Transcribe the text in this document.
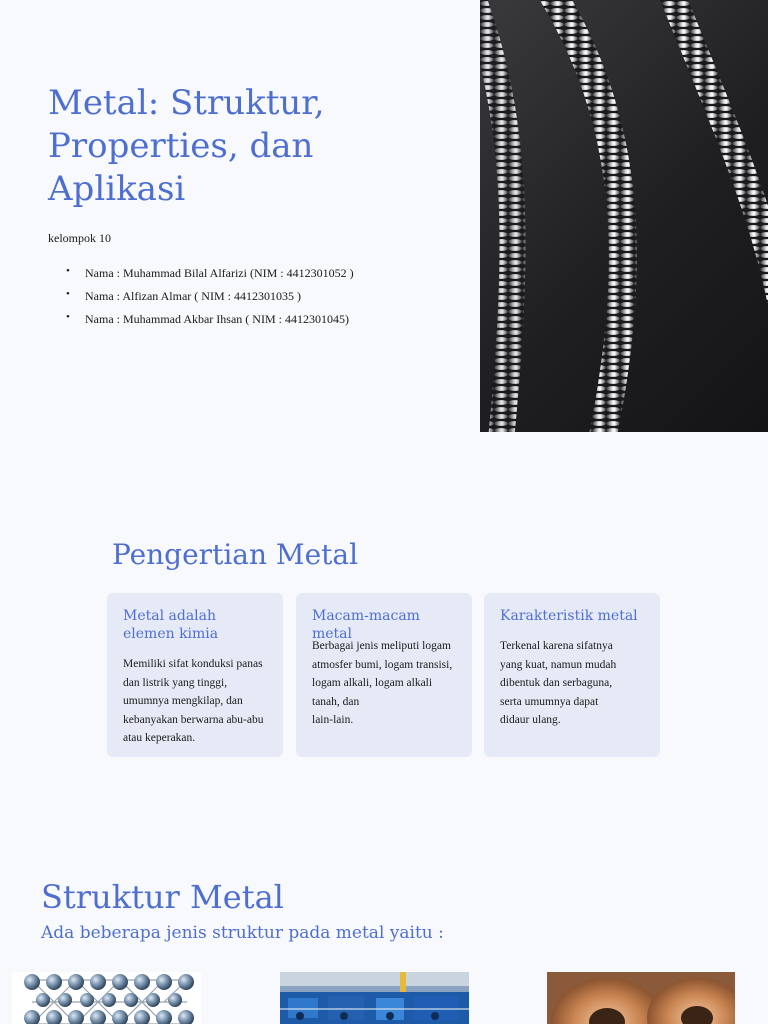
Metal: Struktur,
Properties, dan
Aplikasi
kelompok 10
• Nama : Muhammad Bilal Alfarizi (NIM : 4412301052 )
• Nama : Alfizan Almar ( NIM : 4412301035 )
• Nama : Muhammad Akbar Ihsan ( NIM : 4412301045)
Pengertian Metal
Metal adalah
elemen kimia
Memiliki sifat konduksi panas
dan listrik yang tinggi,
umumnya mengkilap, dan
kebanyakan berwarna abu-abu
atau keperakan.
Macam-macam metal
Berbagai jenis meliputi logam
atmosfer bumi, logam transisi,
logam alkali, logam alkali
tanah, dan
lain-lain.
Karakteristik metal
Terkenal karena sifatnya
yang kuat, namun mudah
dibentuk dan serbaguna,
serta umumnya dapat
didaur ulang.
Struktur Metal
Ada beberapa jenis struktur pada metal yaitu :
